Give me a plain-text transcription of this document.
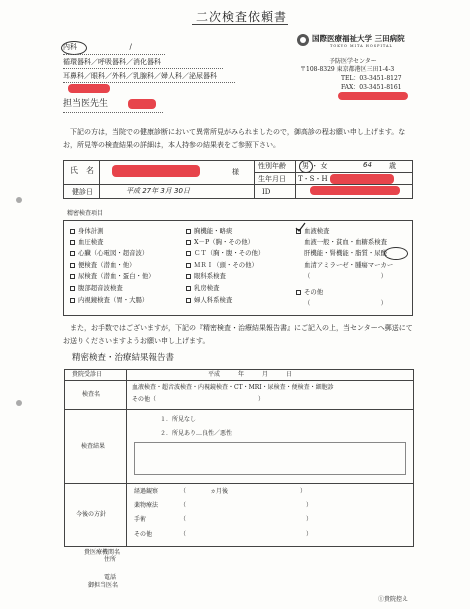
二次検査依頼書
内科	/
循環器科／呼吸器科／消化器科
耳鼻科／眼科／外科／乳腺科／婦人科／泌尿器科
担当医先生
国際医療福祉大学 三田病院
TOKYO MITA HOSPITAL
予防医学センター
〒108-8329 東京都港区三田1-4-3
TEL：03-3451-8127
FAX：03-3451-8161
下記の方は，当院での健康診断において異常所見がみられましたので，御高診の程お願い申し上げます。なお，所見等の検査結果の詳細は，本人持参の結果表をご参照下さい。
氏　名	様
性別年齢 男 ・ 女	64 歳
生年月日 T・S・H
健診日	平成 27年 3月 30日	ID
精密検査項目
身体計測
血圧検査
心臓（心電図・超音波）
便検査（潜血・他）
尿検査（潜血・蛋白・他）
腹部超音波検査
内視鏡検査（胃・大腸）
胸機能・略痰
X－P（胸・その他）
ＣＴ（胸・腹・その他）
ＭＲＩ（頭・その他）
眼科系検査
乳房検査
婦人科系検査
血液検査
血液一般・貧血・血糖系検査
肝機能・腎機能・脂質・尿酸
血清アミラーゼ・腫瘍マーカー
（　　　　　　　　　　　）
その他
（　　　　　　　　　　　）
また，お手数ではございますが，下記の『精密検査・治療結果報告書』にご記入の上，当センターへ郵送にてお送りくださいますようお願い申し上げます。
精密検査・治療結果報告書
貴院受診日	平成　　　年　　　月　　　日
検査名
血液検査・超音波検査・内視鏡検査・CT・MRI・尿検査・便検査・細胞診
その他（　　　　　　　　　　　　　　　　　）
検査結果
１．所見なし
２．所見あり…良性／悪性
今後の方針
経過観察	（　　　　ヵ月後　　　　　　　　　　　　）
薬物療法	（　　　　　　　　　　　　　　　　　　　　）
手術	（　　　　　　　　　　　　　　　　　　　　）
その他	（　　　　　　　　　　　　　　　　　　　　）
貴医療機関名
住所
電話
御担当医名
①貴院控え
